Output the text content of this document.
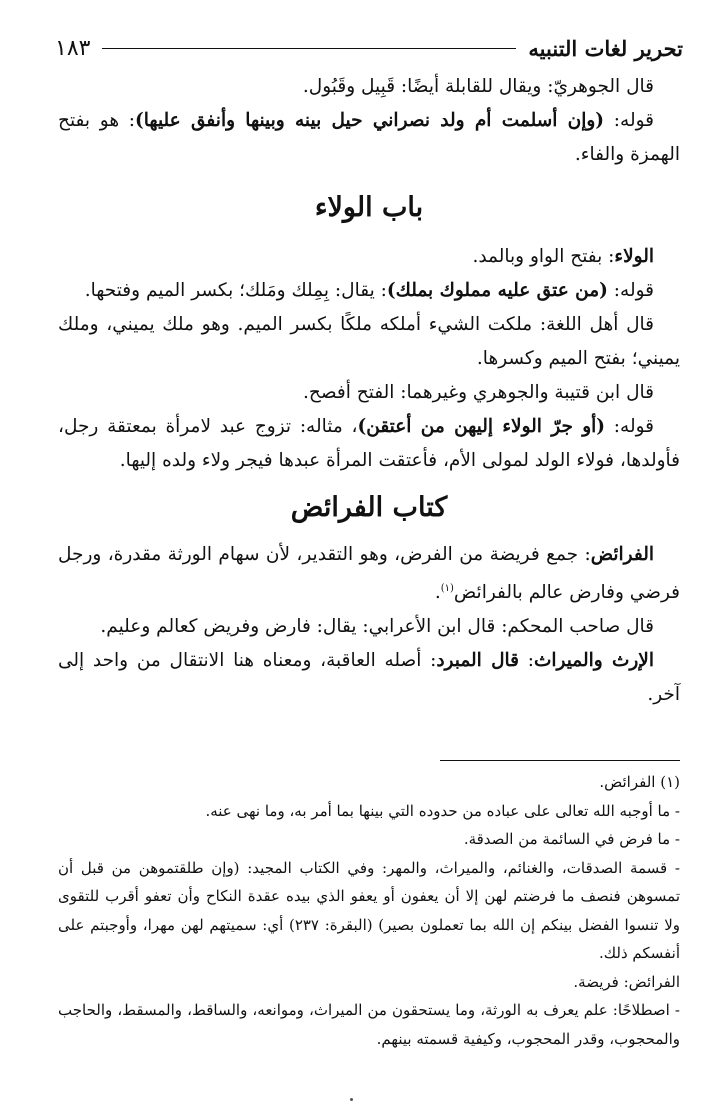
تحرير لغات التنبيه
١٨٣

قال الجوهريّ: ويقال للقابلة أيضًا: قَبِيل وقَبُول.

قوله: (وإن أسلمت أم ولد نصراني حيل بينه وبينها وأنفق عليها): هو بفتح الهمزة والفاء.

باب الولاء

الولاء: بفتح الواو وبالمد.

قوله: (من عتق عليه مملوك بملك): يقال: بِمِلك ومَلك؛ بكسر الميم وفتحها.

قال أهل اللغة: ملكت الشيء أملكه ملكًا بكسر الميم. وهو ملك يميني، وملك يميني؛ بفتح الميم وكسرها.

قال ابن قتيبة والجوهري وغيرهما: الفتح أفصح.

قوله: (أو جرّ الولاء إليهن من أعتقن)، مثاله: تزوج عبد لامرأة بمعتقة رجل، فأولدها، فولاء الولد لمولى الأم، فأعتقت المرأة عبدها فيجر ولاء ولده إليها.

كتاب الفرائض

الفرائض: جمع فريضة من الفرض، وهو التقدير، لأن سهام الورثة مقدرة، ورجل فرضي وفارض عالم بالفرائض$^{(١)}$.

قال صاحب المحكم: قال ابن الأعرابي: يقال: فارض وفريض كعالم وعليم.

الإرث والميراث: قال المبرد: أصله العاقبة، ومعناه هنا الانتقال من واحد إلى آخر.

(١) الفرائض.

- ما أوجبه الله تعالى على عباده من حدوده التي بينها بما أمر به، وما نهى عنه.

- ما فرض في السائمة من الصدقة.

- قسمة الصدقات، والغنائم، والميراث، والمهر: وفي الكتاب المجيد: (وإن طلقتموهن من قبل أن تمسوهن فنصف ما فرضتم لهن إلا أن يعفون أو يعفو الذي بيده عقدة النكاح وأن تعفو أقرب للتقوى ولا تنسوا الفضل بينكم إن الله بما تعملون بصير) (البقرة: ٢٣٧) أي: سميتهم لهن مهرا، وأوجبتم على أنفسكم ذلك.

الفرائض: فريضة.

- اصطلاحًا: علم يعرف به الورثة، وما يستحقون من الميراث، وموانعه، والساقط، والمسقط، والحاجب والمحجوب، وقدر المحجوب، وكيفية قسمته بينهم.
